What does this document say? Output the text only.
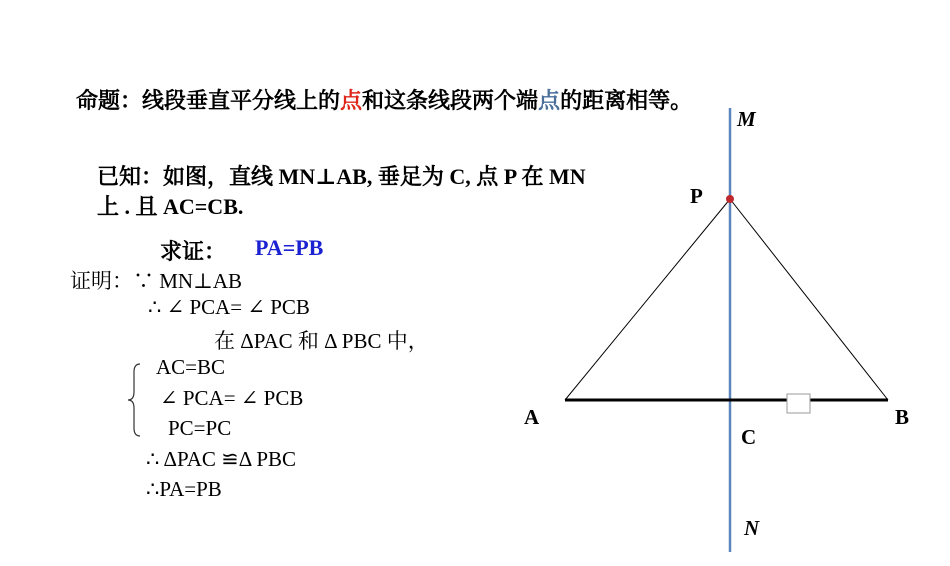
命题：线段垂直平分线上的点和这条线段两个端点的距离相等。
已知：如图，直线 MN⊥AB, 垂足为 C, 点 P 在 MN
上 . 且 AC=CB.
求证： PA=PB
证明：∵ MN⊥AB
∴ ∠ PCA= ∠ PCB
在 ΔPAC 和 Δ PBC 中，
AC=BC
∠ PCA= ∠ PCB
PC=PC
∴ ΔPAC ≌Δ PBC
∴PA=PB
M
P
A	B
C
N
